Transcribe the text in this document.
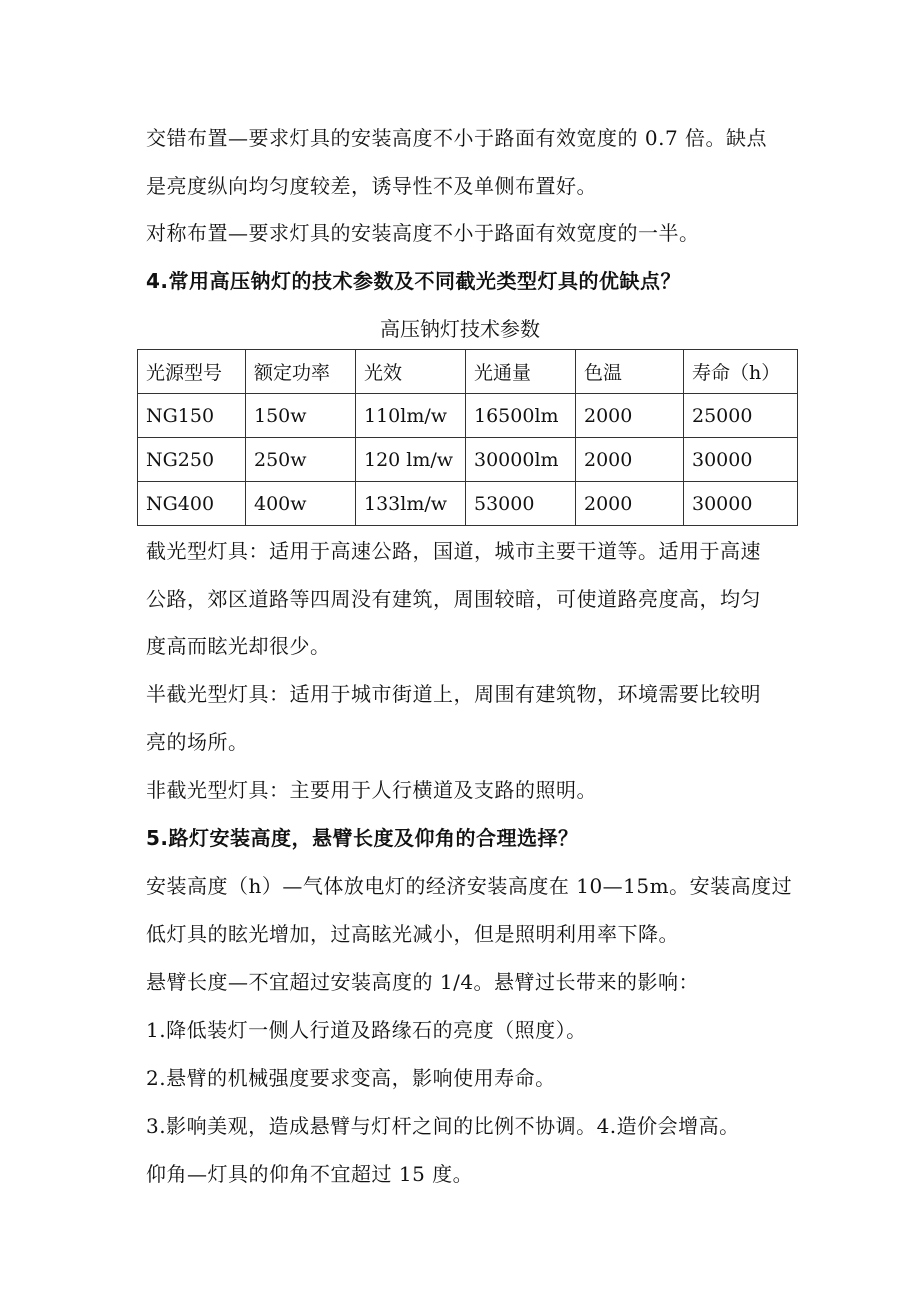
交错布置—要求灯具的安装高度不小于路面有效宽度的 0.7 倍。缺点
是亮度纵向均匀度较差，诱导性不及单侧布置好。
对称布置—要求灯具的安装高度不小于路面有效宽度的一半。
4.常用高压钠灯的技术参数及不同截光类型灯具的优缺点？
高压钠灯技术参数
光源型号	额定功率	光效	光通量	色温	寿命（h）
NG150	150w	110lm/w	16500lm	2000	25000
NG250	250w	120 lm/w	30000lm	2000	30000
NG400	400w	133lm/w	53000	2000	30000
截光型灯具：适用于高速公路，国道，城市主要干道等。适用于高速
公路，郊区道路等四周没有建筑，周围较暗，可使道路亮度高，均匀
度高而眩光却很少。
半截光型灯具：适用于城市街道上，周围有建筑物，环境需要比较明
亮的场所。
非截光型灯具：主要用于人行横道及支路的照明。
5.路灯安装高度，悬臂长度及仰角的合理选择？
安装高度（h）—气体放电灯的经济安装高度在 10—15m。安装高度过
低灯具的眩光增加，过高眩光减小，但是照明利用率下降。
悬臂长度—不宜超过安装高度的 1/4。悬臂过长带来的影响：
1.降低装灯一侧人行道及路缘石的亮度（照度）。
2.悬臂的机械强度要求变高，影响使用寿命。
3.影响美观，造成悬臂与灯杆之间的比例不协调。4.造价会增高。
仰角—灯具的仰角不宜超过 15 度。
